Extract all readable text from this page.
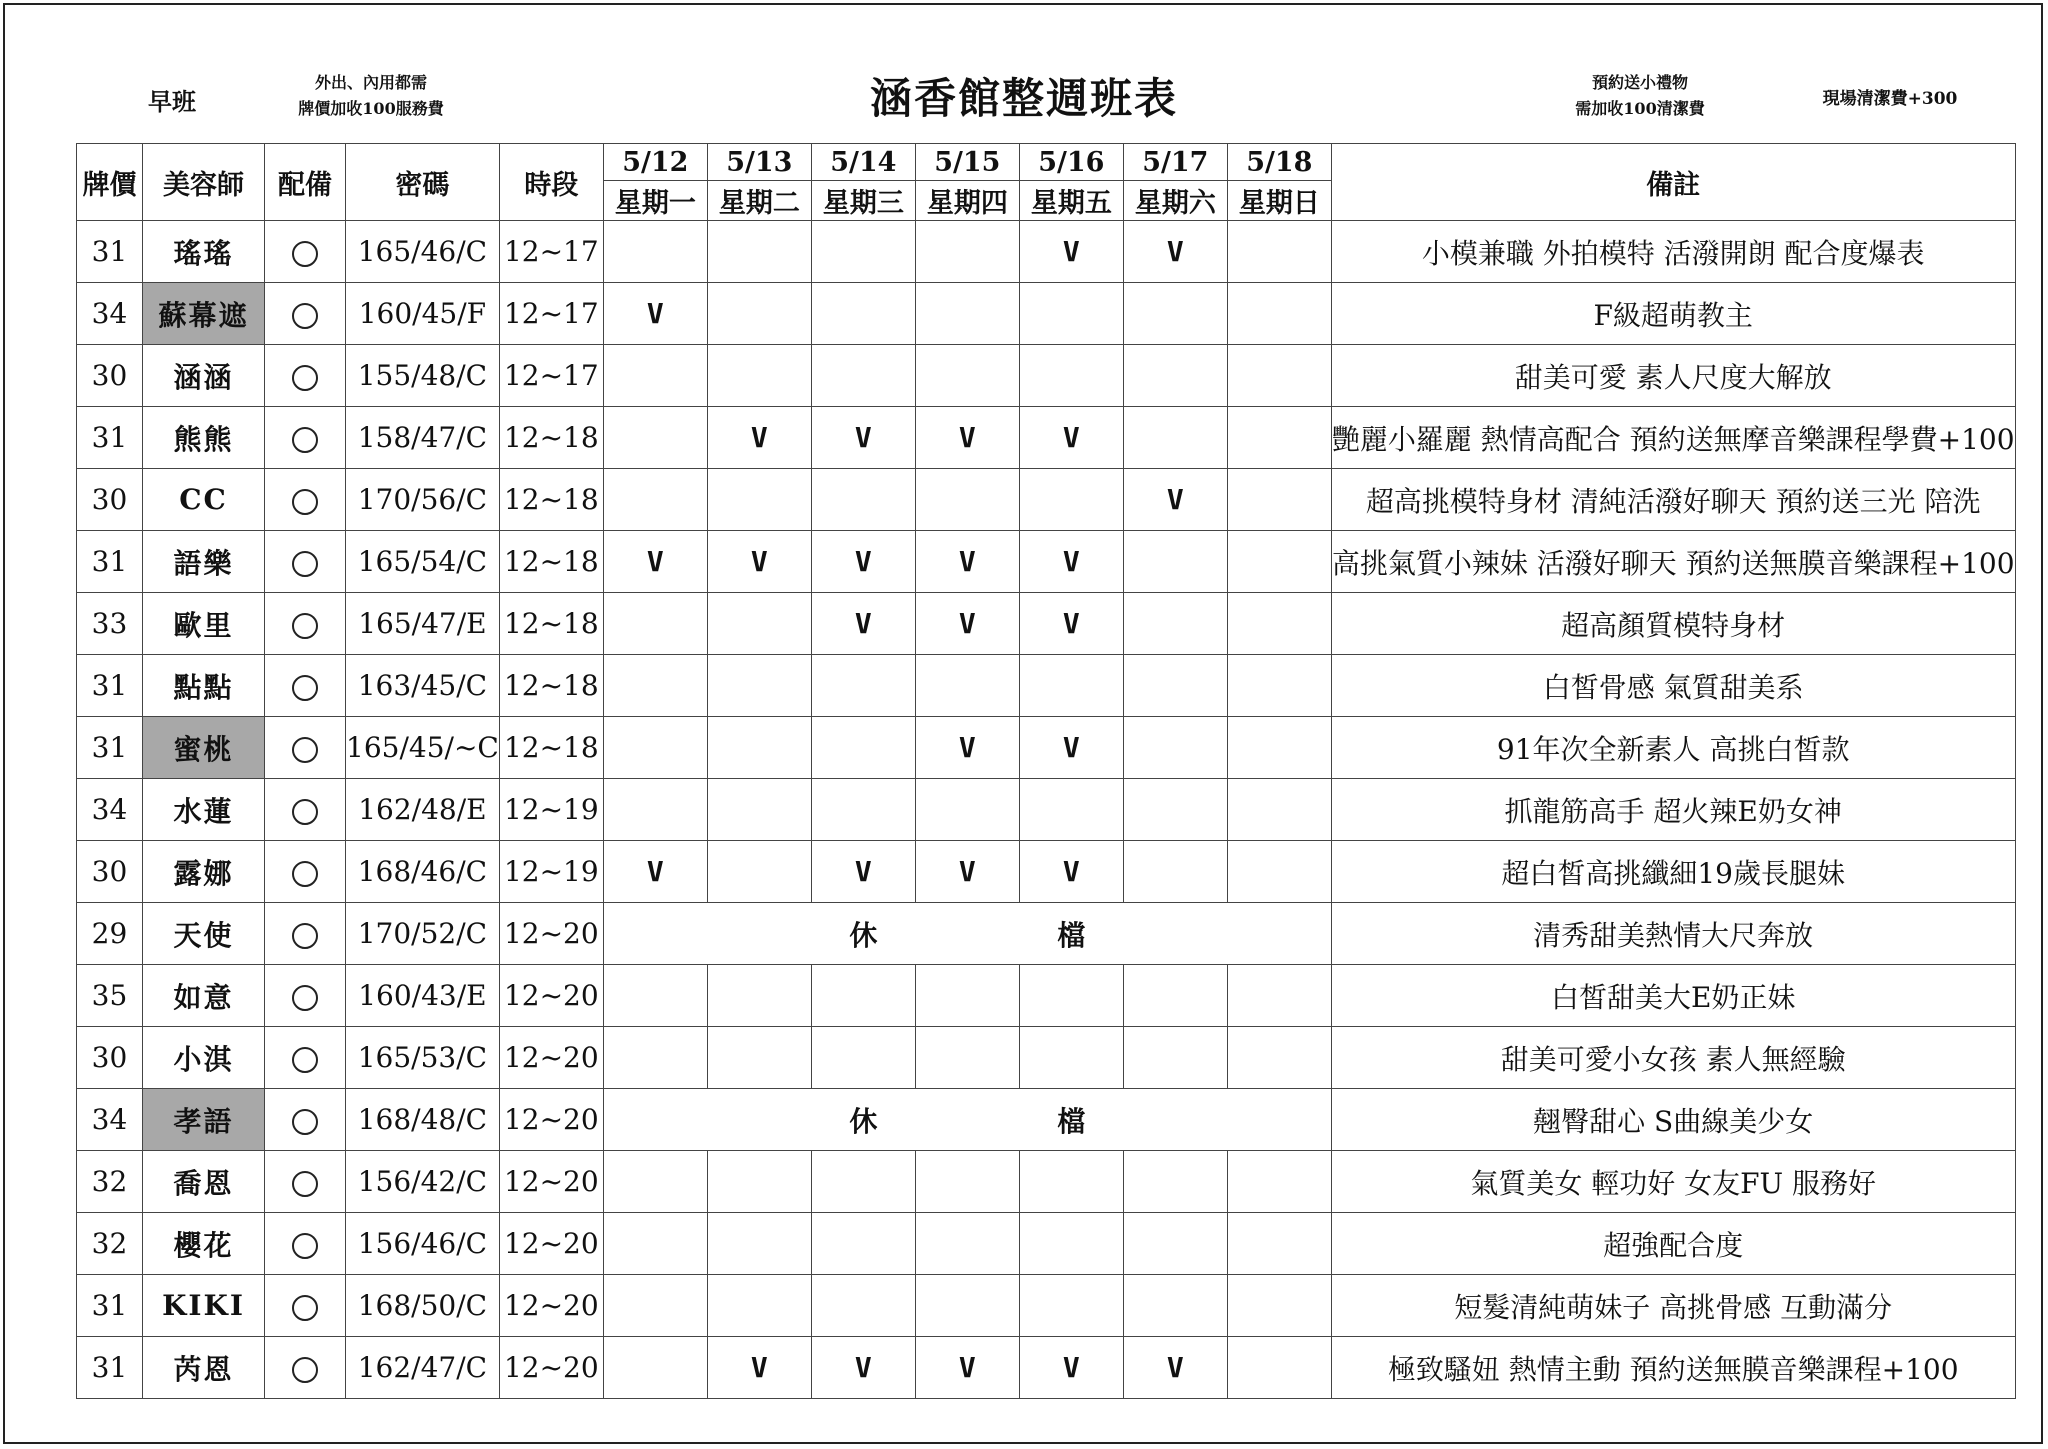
早班
外出、內用都需
牌價加收100服務費	涵香館整週班表	預約送小禮物
需加收100清潔費	現場清潔費+300
牌價	美容師	配備	密碼	時段	5/12	5/13	5/14	5/15	5/16	5/17	5/18	備註
					星期一	星期二	星期三	星期四	星期五	星期六	星期日	
31	瑤瑤		165/46/C	12~17					V	V		小模兼職 外拍模特 活潑開朗 配合度爆表
34	蘇幕遮		160/45/F	12~17	V							F級超萌教主
30	涵涵		155/48/C	12~17								甜美可愛 素人尺度大解放
31	熊熊		158/47/C	12~18		V	V	V	V			艷麗小羅麗 熱情高配合 預約送無摩音樂課程學費+100
30	CC		170/56/C	12~18						V		超高挑模特身材 清純活潑好聊天 預約送三光 陪洗
31	語樂		165/54/C	12~18	V	V	V	V	V			高挑氣質小辣妹 活潑好聊天 預約送無膜音樂課程+100
33	歐里		165/47/E	12~18			V	V	V			超高顏質模特身材
31	點點		163/45/C	12~18								白皙骨感 氣質甜美系
31	蜜桃		165/45/~C	12~18				V	V			91年次全新素人 高挑白皙款
34	水蓮		162/48/E	12~19								抓龍筋高手 超火辣E奶女神
30	露娜		168/46/C	12~19	V		V	V	V			超白皙高挑纖細19歲長腿妹
29	天使		170/52/C	12~20	休 檔							清秀甜美熱情大尺奔放
35	如意		160/43/E	12~20								白皙甜美大E奶正妹
30	小淇		165/53/C	12~20								甜美可愛小女孩 素人無經驗
34	孝語		168/48/C	12~20	休 檔							翹臀甜心 S曲線美少女
32	喬恩		156/42/C	12~20								氣質美女 輕功好 女友FU 服務好
32	櫻花		156/46/C	12~20								超強配合度
31	KIKI		168/50/C	12~20								短髮清純萌妹子 高挑骨感 互動滿分
31	芮恩		162/47/C	12~20		V	V	V	V	V		極致騷妞 熱情主動 預約送無膜音樂課程+100
